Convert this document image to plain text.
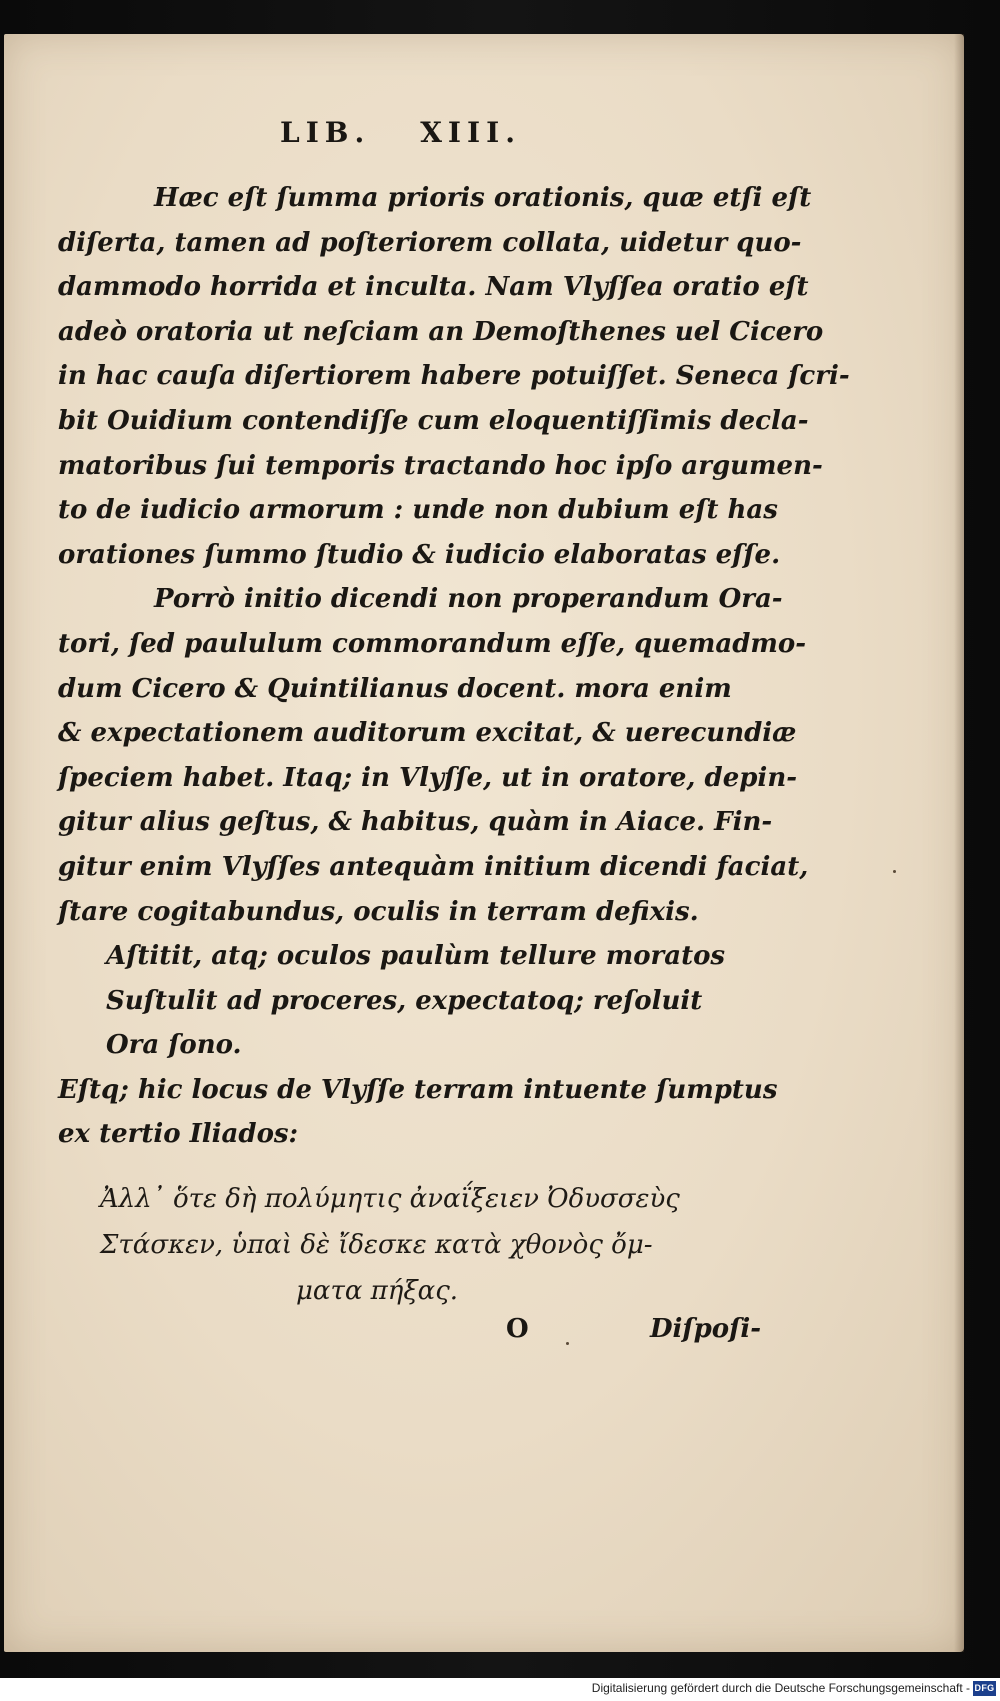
LIB. XIII.
Hæc eſt ſumma prioris orationis, quæ etſi eſt
diſerta, tamen ad poſteriorem collata, uidetur quo-
dammodo horrida et inculta. Nam Vlyſſea oratio eſt
adeò oratoria ut neſciam an Demoſthenes uel Cicero
in hac cauſa diſertiorem habere potuiſſet. Seneca ſcri-
bit Ouidium contendiſſe cum eloquentiſſimis decla-
matoribus ſui temporis tractando hoc ipſo argumen-
to de iudicio armorum : unde non dubium eſt has
orationes ſummo ſtudio & iudicio elaboratas eſſe.
Porrò initio dicendi non properandum Ora-
tori, ſed paululum commorandum eſſe, quemadmo-
dum Cicero & Quintilianus docent. mora enim
& expectationem auditorum excitat, & uerecundiæ
ſpeciem habet. Itaq; in Vlyſſe, ut in oratore, depin-
gitur alius geſtus, & habitus, quàm in Aiace. Fin-
gitur enim Vlyſſes antequàm initium dicendi faciat,
ſtare cogitabundus, oculis in terram defixis.
Aſtitit, atq; oculos paulùm tellure moratos
Suſtulit ad proceres, expectatoq; reſoluit
Ora ſono.
Eſtq; hic locus de Vlyſſe terram intuente ſumptus
ex tertio Iliados:
Ἀλλ᾽ ὅτε δὴ πολύμητις ἀναΐξειεν Ὀδυσσεὺς
Στάσκεν, ὑπαὶ δὲ ἴδεσκε κατὰ χθονὸς ὄμ-
ματα πήξας.
O	Diſpoſi-
Digitalisierung gefördert durch die Deutsche Forschungsgemeinschaft - DFG
